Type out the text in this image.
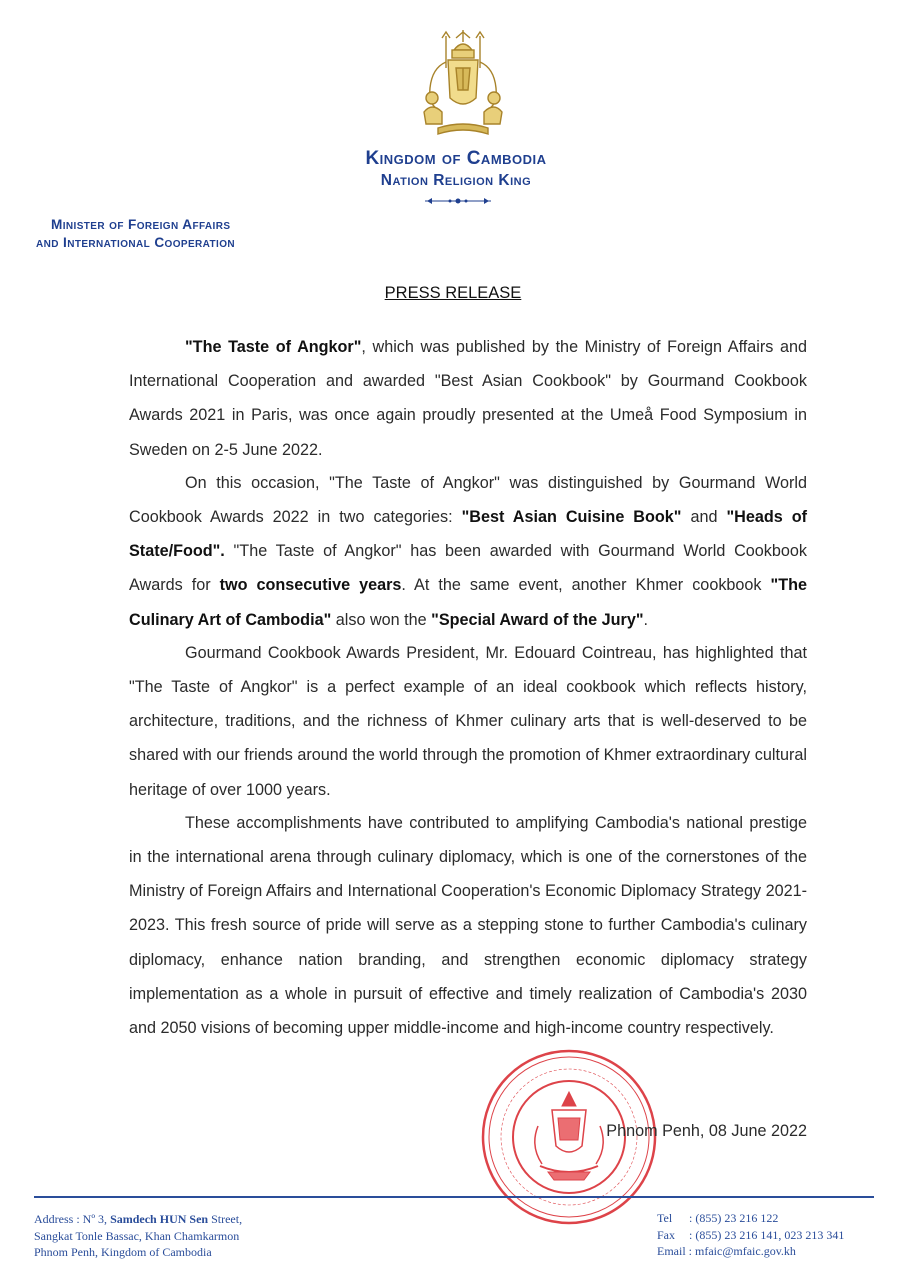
Kingdom of Cambodia
Nation Religion King
Minister of Foreign Affairs
and International Cooperation
PRESS RELEASE

"The Taste of Angkor", which was published by the Ministry of Foreign Affairs and International Cooperation and awarded "Best Asian Cookbook" by Gourmand Cookbook Awards 2021 in Paris, was once again proudly presented at the Umeå Food Symposium in Sweden on 2-5 June 2022.

On this occasion, "The Taste of Angkor" was distinguished by Gourmand World Cookbook Awards 2022 in two categories: "Best Asian Cuisine Book" and "Heads of State/Food". "The Taste of Angkor" has been awarded with Gourmand World Cookbook Awards for two consecutive years. At the same event, another Khmer cookbook "The Culinary Art of Cambodia" also won the "Special Award of the Jury".

Gourmand Cookbook Awards President, Mr. Edouard Cointreau, has highlighted that "The Taste of Angkor" is a perfect example of an ideal cookbook which reflects history, architecture, traditions, and the richness of Khmer culinary arts that is well-deserved to be shared with our friends around the world through the promotion of Khmer extraordinary cultural heritage of over 1000 years.

These accomplishments have contributed to amplifying Cambodia's national prestige in the international arena through culinary diplomacy, which is one of the cornerstones of the Ministry of Foreign Affairs and International Cooperation's Economic Diplomacy Strategy 2021-2023. This fresh source of pride will serve as a stepping stone to further Cambodia's culinary diplomacy, enhance nation branding, and strengthen economic diplomacy strategy implementation as a whole in pursuit of effective and timely realization of Cambodia's 2030 and 2050 visions of becoming upper middle-income and high-income country respectively.

Phnom Penh, 08 June 2022
Address : Nº 3, Samdech HUN Sen Street,
Sangkat Tonle Bassac, Khan Chamkarmon
Phnom Penh, Kingdom of Cambodia
Tel : (855) 23 216 122
Fax : (855) 23 216 141, 023 213 341
Email : mfaic@mfaic.gov.kh
